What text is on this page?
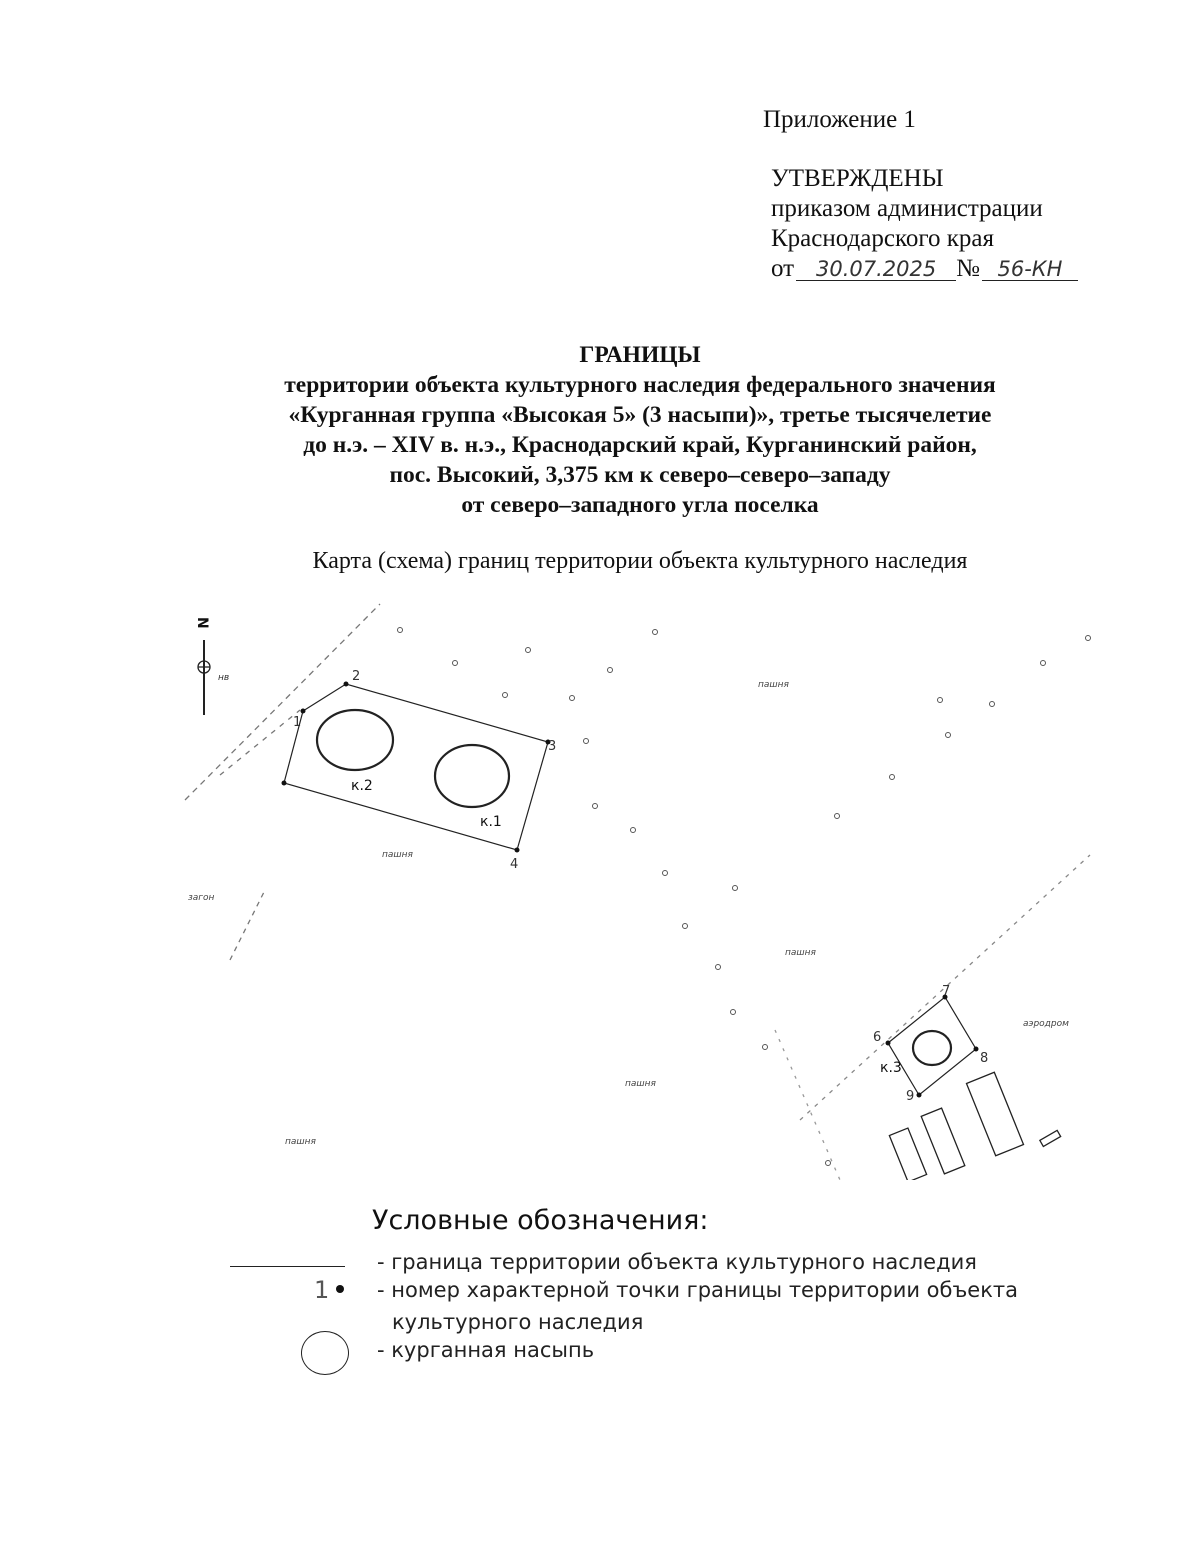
Приложение 1
УТВЕРЖДЕНЫ
приказом администрации
Краснодарского края
от 30.07.2025 № 56-КН
ГРАНИЦЫ
территории объекта культурного наследия федерального значения
«Курганная группа «Высокая 5» (3 насыпи)», третье тысячелетие
до н.э. – XIV в. н.э., Краснодарский край, Курганинский район,
пос. Высокий, 3,375 км к северо–северо–западу
от северо–западного угла поселка
Карта (схема) границ территории объекта культурного наследия
N
нв
1
2
3
4
6
7
8
9
к.2
к.1
к.3
пашня
пашня
пашня
пашня
пашня
загон
аэродром
Условные обозначения:
- граница территории объекта культурного наследия
1 - номер характерной точки границы территории объекта
культурного наследия
- курганная насыпь
